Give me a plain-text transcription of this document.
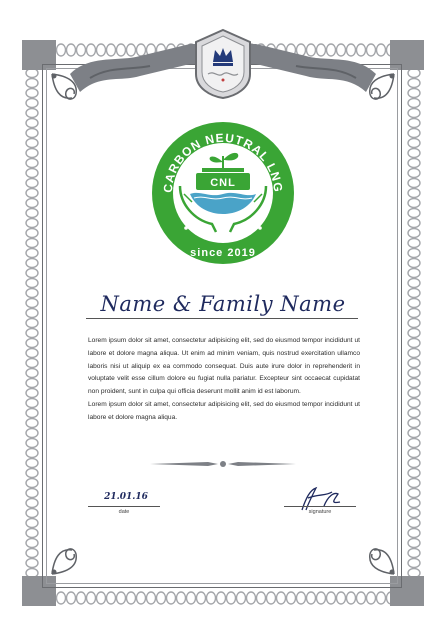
CARBON NEUTRAL LNG
CNL
since 2019
Name & Family Name

Lorem ipsum dolor sit amet, consectetur adipisicing elit, sed do eiusmod tempor incididunt ut labore et dolore magna aliqua. Ut enim ad minim veniam, quis nostrud exercitation ullamco laboris nisi ut aliquip ex ea commodo consequat. Duis aute irure dolor in reprehenderit in voluptate velit esse cillum dolore eu fugiat nulla pariatur. Excepteur sint occaecat cupidatat non proident, sunt in culpa qui officia deserunt mollit anim id est laborum.

Lorem ipsum dolor sit amet, consectetur adipisicing elit, sed do eiusmod tempor incididunt ut labore et dolore magna aliqua.

21.01.16
date	signature
